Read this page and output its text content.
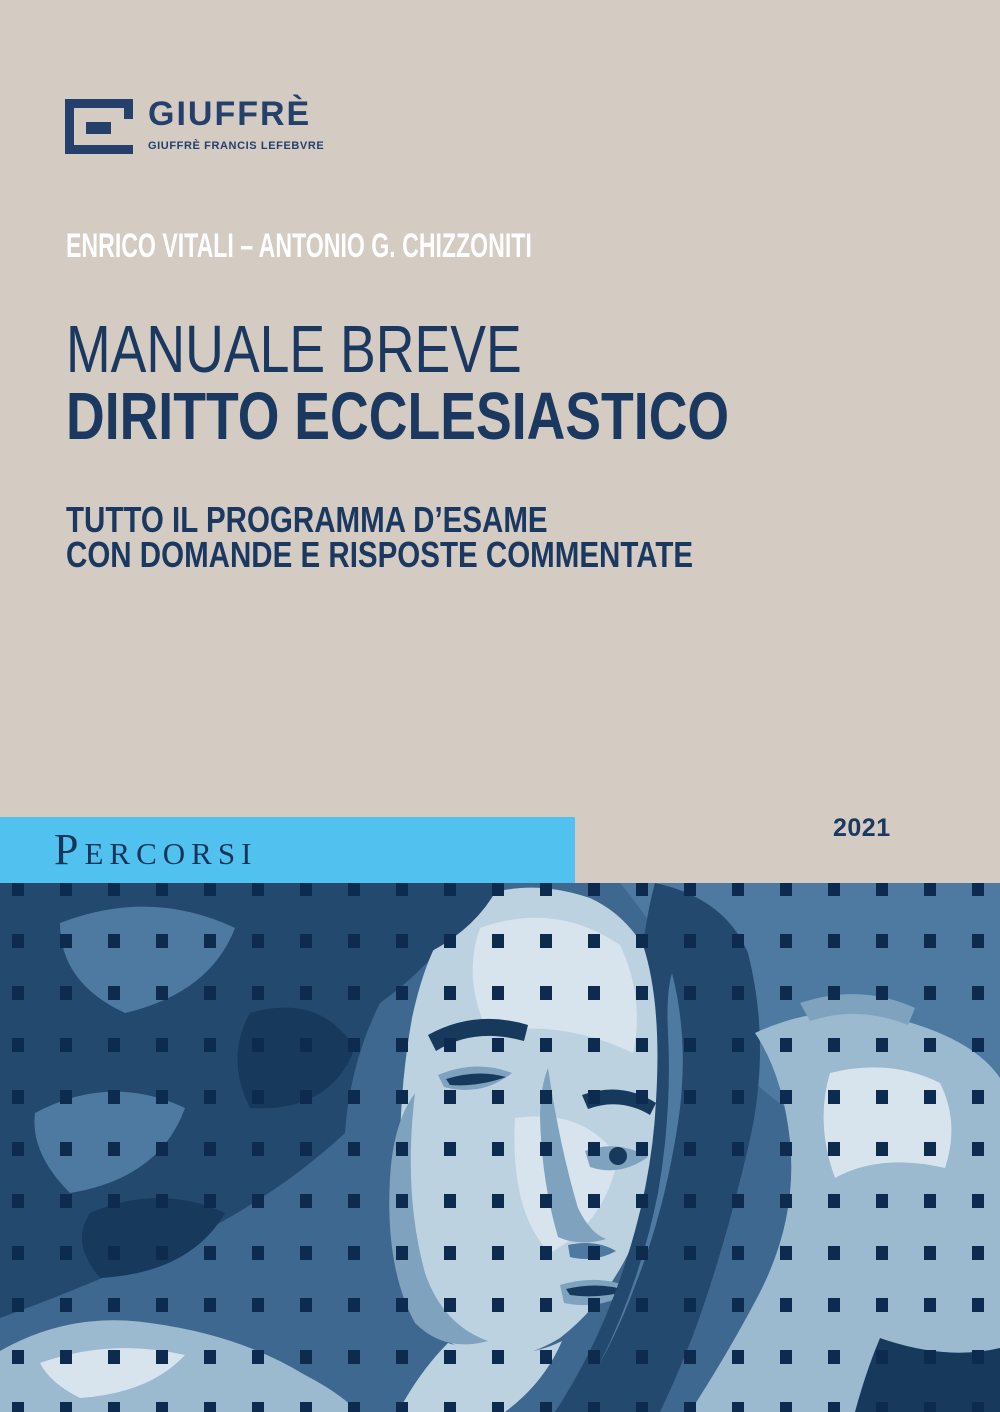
GIUFFRÈ
GIUFFRÈ FRANCIS LEFEBVRE
ENRICO VITALI – ANTONIO G. CHIZZONITI
MANUALE BREVE
DIRITTO ECCLESIASTICO
TUTTO IL PROGRAMMA D’ESAME
CON DOMANDE E RISPOSTE COMMENTATE
2021
Percorsi
